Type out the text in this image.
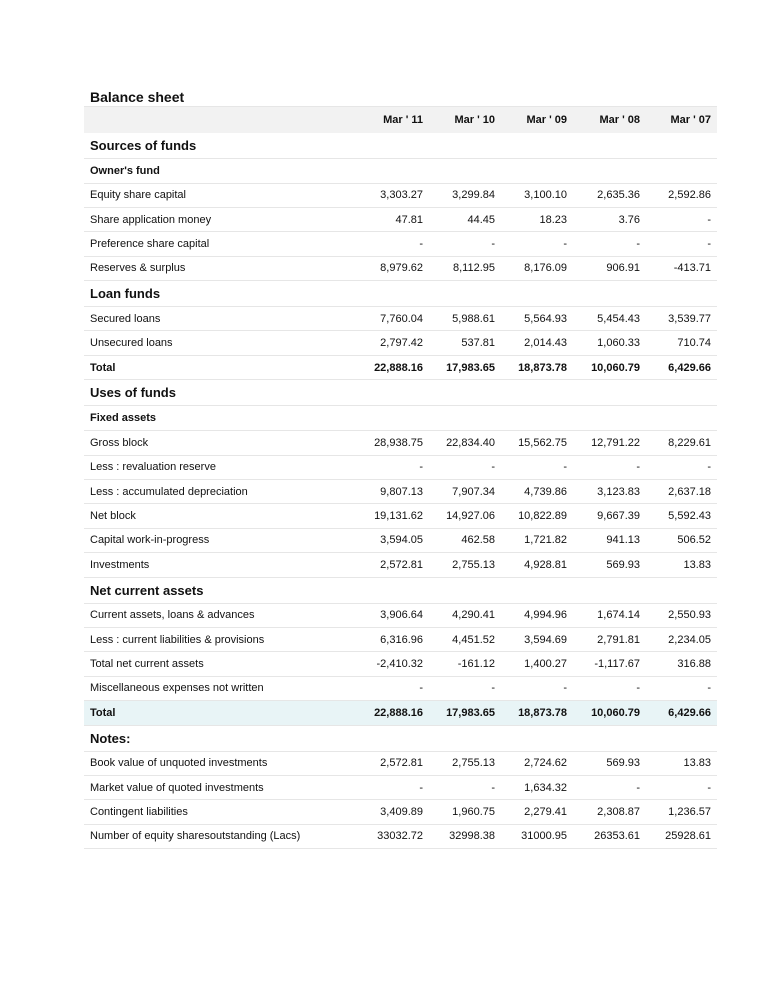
Balance sheet
	Mar ' 11	Mar ' 10	Mar ' 09	Mar ' 08	Mar ' 07
Sources of funds					
Owner's fund					
Equity share capital	3,303.27	3,299.84	3,100.10	2,635.36	2,592.86
Share application money	47.81	44.45	18.23	3.76	-
Preference share capital	-	-	-	-	-
Reserves & surplus	8,979.62	8,112.95	8,176.09	906.91	-413.71
Loan funds					
Secured loans	7,760.04	5,988.61	5,564.93	5,454.43	3,539.77
Unsecured loans	2,797.42	537.81	2,014.43	1,060.33	710.74
Total	22,888.16	17,983.65	18,873.78	10,060.79	6,429.66
Uses of funds					
Fixed assets					
Gross block	28,938.75	22,834.40	15,562.75	12,791.22	8,229.61
Less : revaluation reserve	-	-	-	-	-
Less : accumulated depreciation	9,807.13	7,907.34	4,739.86	3,123.83	2,637.18
Net block	19,131.62	14,927.06	10,822.89	9,667.39	5,592.43
Capital work-in-progress	3,594.05	462.58	1,721.82	941.13	506.52
Investments	2,572.81	2,755.13	4,928.81	569.93	13.83
Net current assets					
Current assets, loans & advances	3,906.64	4,290.41	4,994.96	1,674.14	2,550.93
Less : current liabilities & provisions	6,316.96	4,451.52	3,594.69	2,791.81	2,234.05
Total net current assets	-2,410.32	-161.12	1,400.27	-1,117.67	316.88
Miscellaneous expenses not written	-	-	-	-	-
Total	22,888.16	17,983.65	18,873.78	10,060.79	6,429.66
Notes:					
Book value of unquoted investments	2,572.81	2,755.13	2,724.62	569.93	13.83
Market value of quoted investments	-	-	1,634.32	-	-
Contingent liabilities	3,409.89	1,960.75	2,279.41	2,308.87	1,236.57
Number of equity sharesoutstanding (Lacs)	33032.72	32998.38	31000.95	26353.61	25928.61
